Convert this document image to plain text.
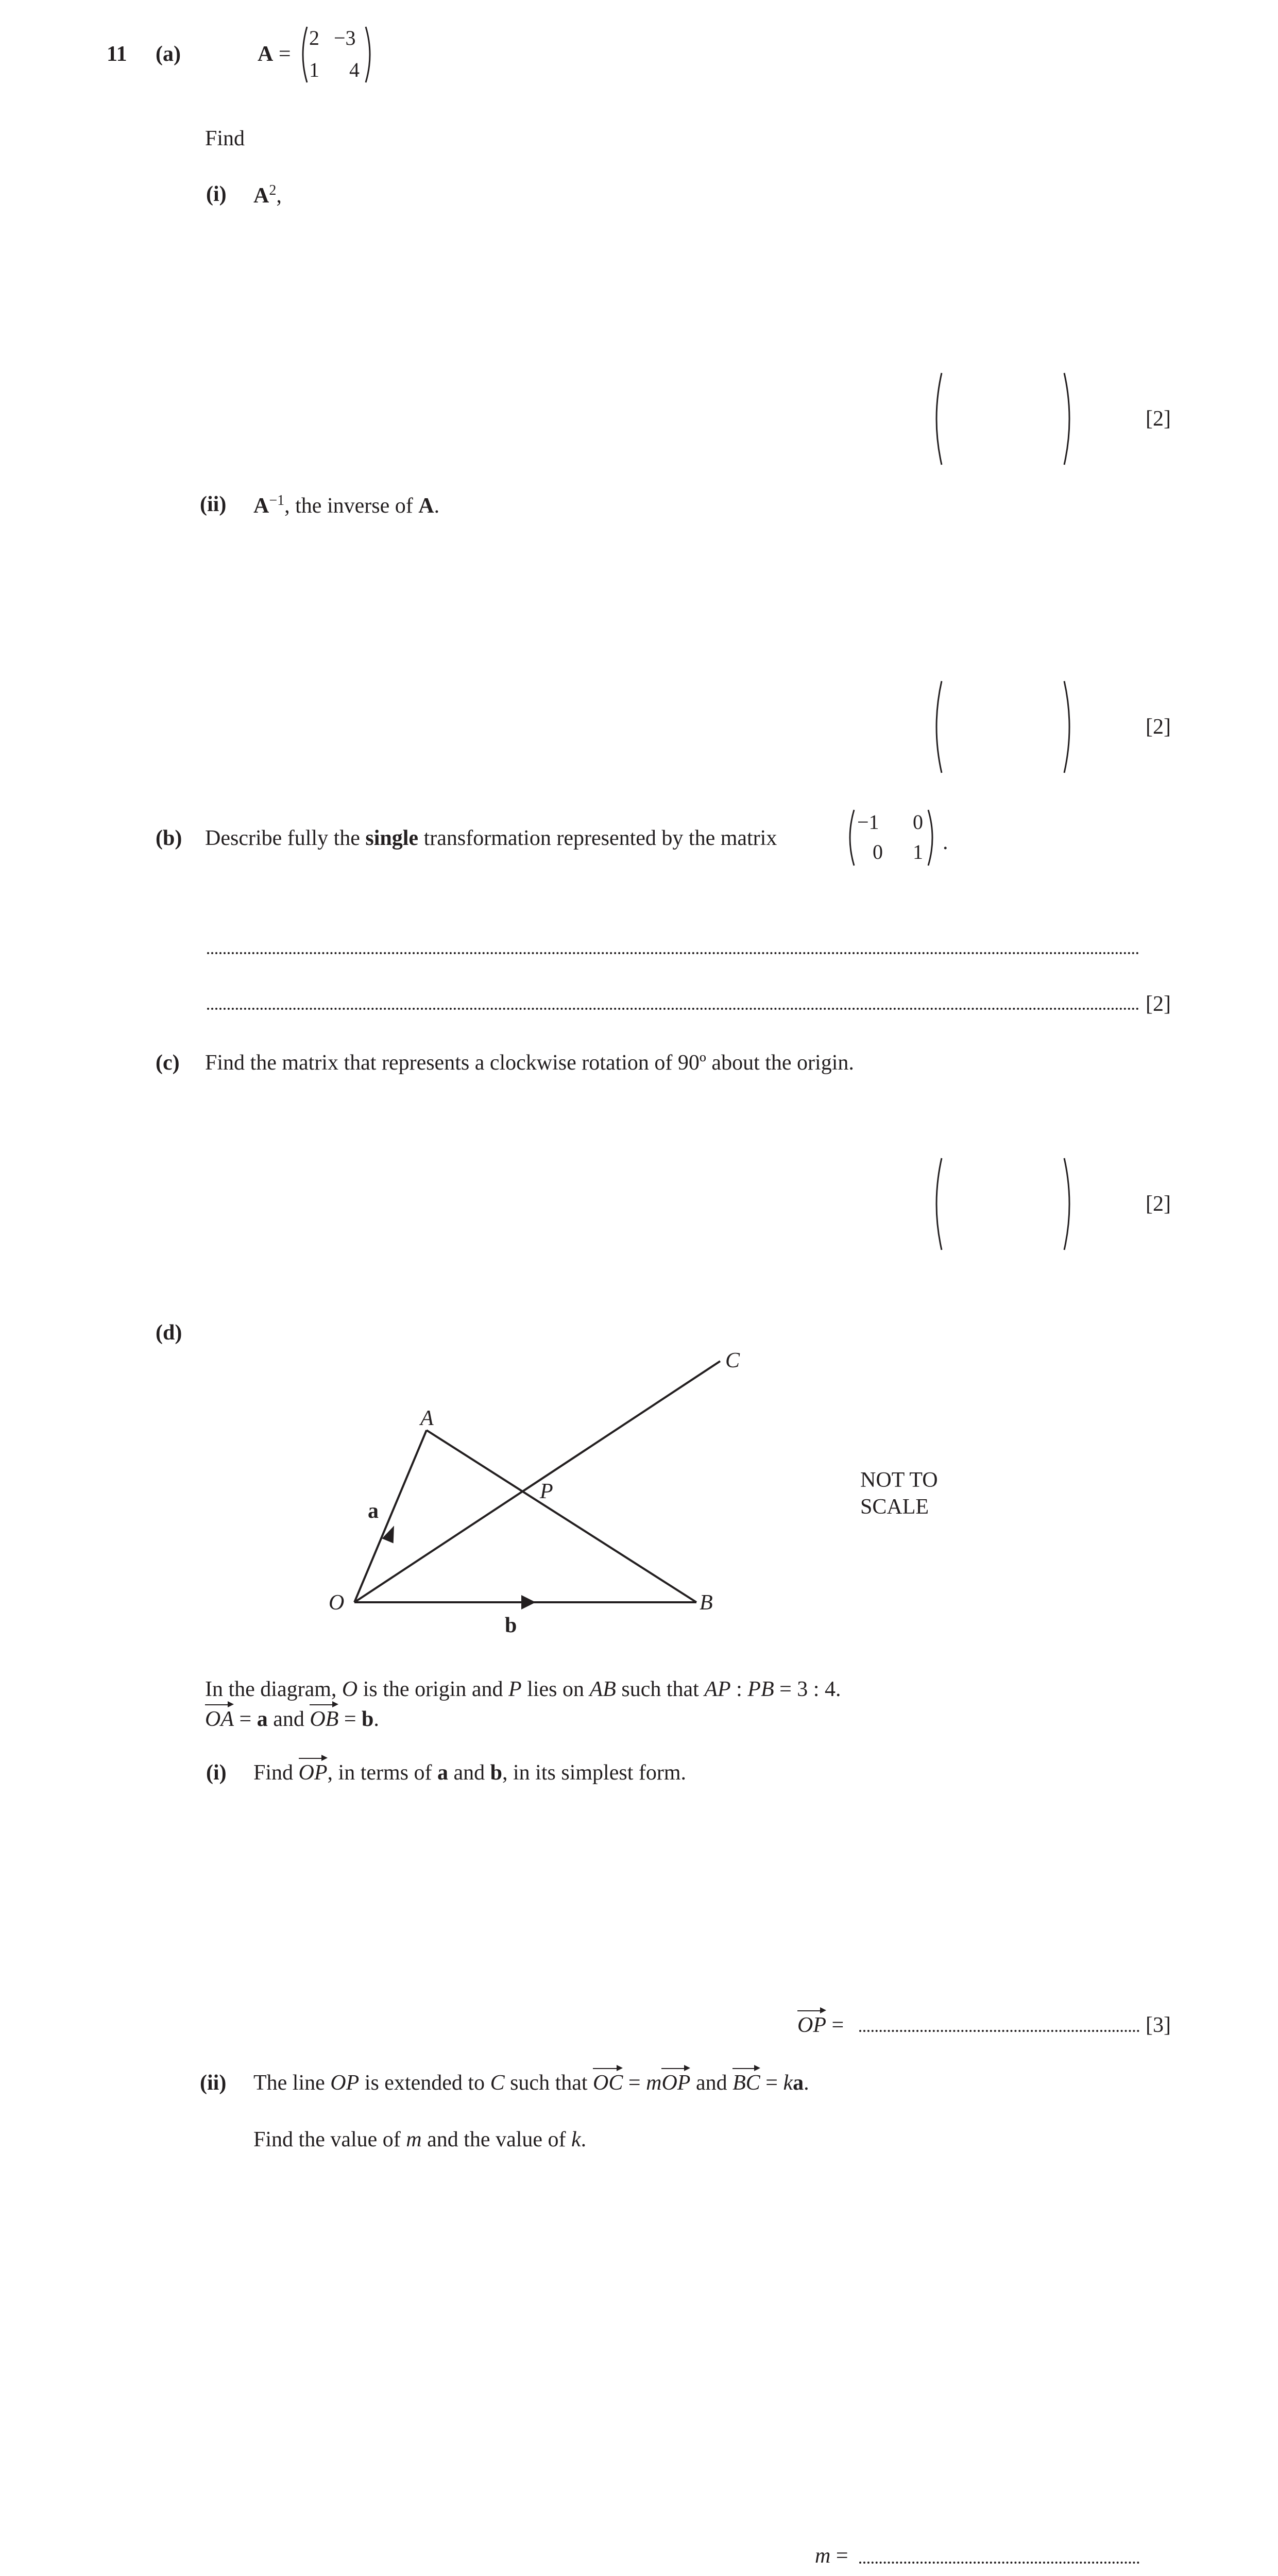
11 (a)	A =
2 −3
1 4
Find
(i) $A^2$,
[2]
(ii) $A^{-1}$, the inverse of A.
[2]
(b) Describe fully the single transformation represented by the matrix
−1 0
0 1 .
[2]
(c) Find the matrix that represents a clockwise rotation of 90º about the origin.
[2]
(d)
O
A
B
C
P
a
b
NOT TO
SCALE
In the diagram, O is the origin and P lies on AB such that AP : PB = 3 : 4.
OA = a and OB = b.
(i) Find OP, in terms of a and b, in its simplest form.
OP =	[3]
(ii) The line OP is extended to C such that OC = mOP and BC = ka.
Find the value of m and the value of k.
m =
